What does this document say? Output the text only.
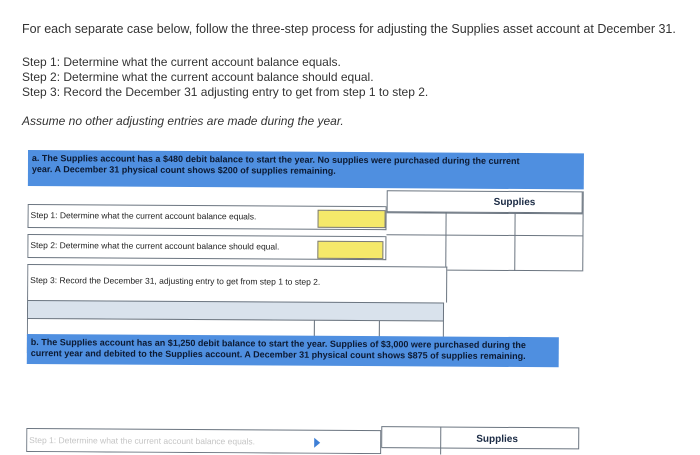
For each separate case below, follow the three-step process for adjusting the Supplies asset account at December 31.
Step 1: Determine what the current account balance equals.
Step 2: Determine what the current account balance should equal.
Step 3: Record the December 31 adjusting entry to get from step 1 to step 2.
Assume no other adjusting entries are made during the year.
a. The Supplies account has a $480 debit balance to start the year. No supplies were purchased during the current
year. A December 31 physical count shows $200 of supplies remaining.
Supplies
Step 1: Determine what the current account balance equals.
Step 2: Determine what the current account balance should equal.
Step 3: Record the December 31, adjusting entry to get from step 1 to step 2.
b. The Supplies account has an $1,250 debit balance to start the year. Supplies of $3,000 were purchased during the
current year and debited to the Supplies account. A December 31 physical count shows $875 of supplies remaining.
Supplies
Step 1: Determine what the current account balance equals.
